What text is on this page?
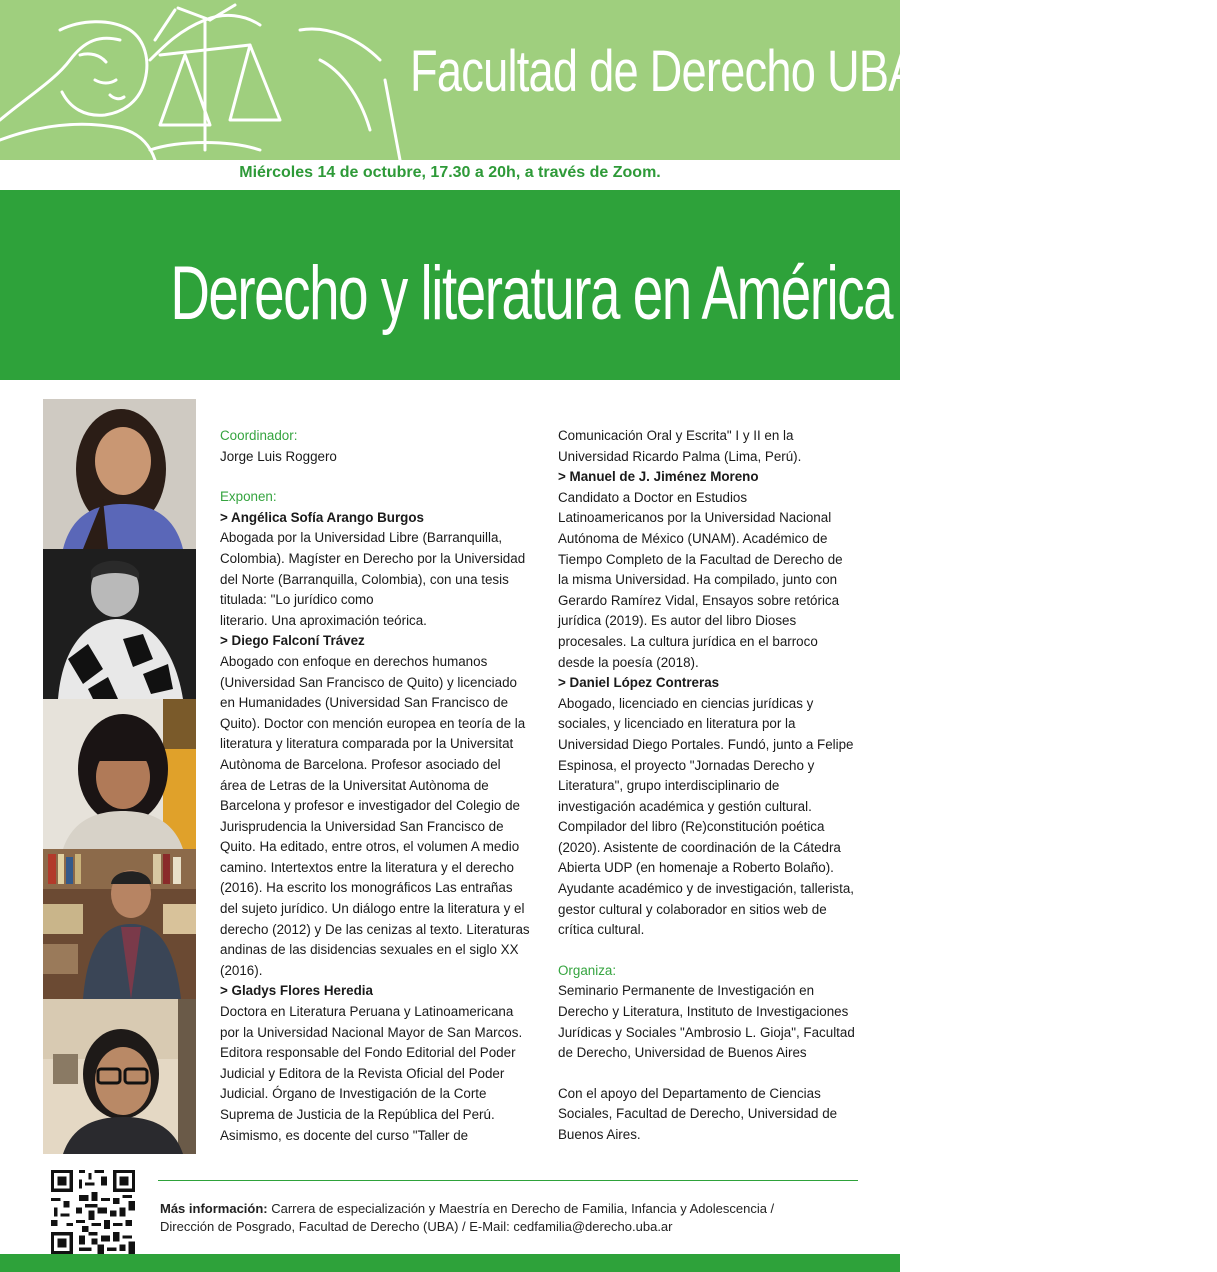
Facultad de Derecho UBA
Miércoles 14 de octubre, 17.30 a 20h, a través de Zoom.
Derecho y literatura en América Latina
Coordinador:
Jorge Luis Roggero
Exponen:
> Angélica Sofía Arango Burgos
Abogada por la Universidad Libre (Barranquilla,
Colombia). Magíster en Derecho por la Universidad
del Norte (Barranquilla, Colombia), con una tesis
titulada: "Lo jurídico como
literario. Una aproximación teórica.
> Diego Falconí Trávez
Abogado con enfoque en derechos humanos
(Universidad San Francisco de Quito) y licenciado
en Humanidades (Universidad San Francisco de
Quito). Doctor con mención europea en teoría de la
literatura y literatura comparada por la Universitat
Autònoma de Barcelona. Profesor asociado del
área de Letras de la Universitat Autònoma de
Barcelona y profesor e investigador del Colegio de
Jurisprudencia la Universidad San Francisco de
Quito. Ha editado, entre otros, el volumen A medio
camino. Intertextos entre la literatura y el derecho
(2016). Ha escrito los monográficos Las entrañas
del sujeto jurídico. Un diálogo entre la literatura y el
derecho (2012) y De las cenizas al texto. Literaturas
andinas de las disidencias sexuales en el siglo XX
(2016).
> Gladys Flores Heredia
Doctora en Literatura Peruana y Latinoamericana
por la Universidad Nacional Mayor de San Marcos.
Editora responsable del Fondo Editorial del Poder
Judicial y Editora de la Revista Oficial del Poder
Judicial. Órgano de Investigación de la Corte
Suprema de Justicia de la República del Perú.
Asimismo, es docente del curso "Taller de
Comunicación Oral y Escrita" I y II en la
Universidad Ricardo Palma (Lima, Perú).
> Manuel de J. Jiménez Moreno
Candidato a Doctor en Estudios
Latinoamericanos por la Universidad Nacional
Autónoma de México (UNAM). Académico de
Tiempo Completo de la Facultad de Derecho de
la misma Universidad. Ha compilado, junto con
Gerardo Ramírez Vidal, Ensayos sobre retórica
jurídica (2019). Es autor del libro Dioses
procesales. La cultura jurídica en el barroco
desde la poesía (2018).
> Daniel López Contreras
Abogado, licenciado en ciencias jurídicas y
sociales, y licenciado en literatura por la
Universidad Diego Portales. Fundó, junto a Felipe
Espinosa, el proyecto "Jornadas Derecho y
Literatura", grupo interdisciplinario de
investigación académica y gestión cultural.
Compilador del libro (Re)constitución poética
(2020). Asistente de coordinación de la Cátedra
Abierta UDP (en homenaje a Roberto Bolaño).
Ayudante académico y de investigación, tallerista,
gestor cultural y colaborador en sitios web de
crítica cultural.
Organiza:
Seminario Permanente de Investigación en
Derecho y Literatura, Instituto de Investigaciones
Jurídicas y Sociales "Ambrosio L. Gioja", Facultad
de Derecho, Universidad de Buenos Aires
Con el apoyo del Departamento de Ciencias
Sociales, Facultad de Derecho, Universidad de
Buenos Aires.
Más información: Carrera de especialización y Maestría en Derecho de Familia, Infancia y Adolescencia /
Dirección de Posgrado, Facultad de Derecho (UBA) / E-Mail: cedfamilia@derecho.uba.ar
